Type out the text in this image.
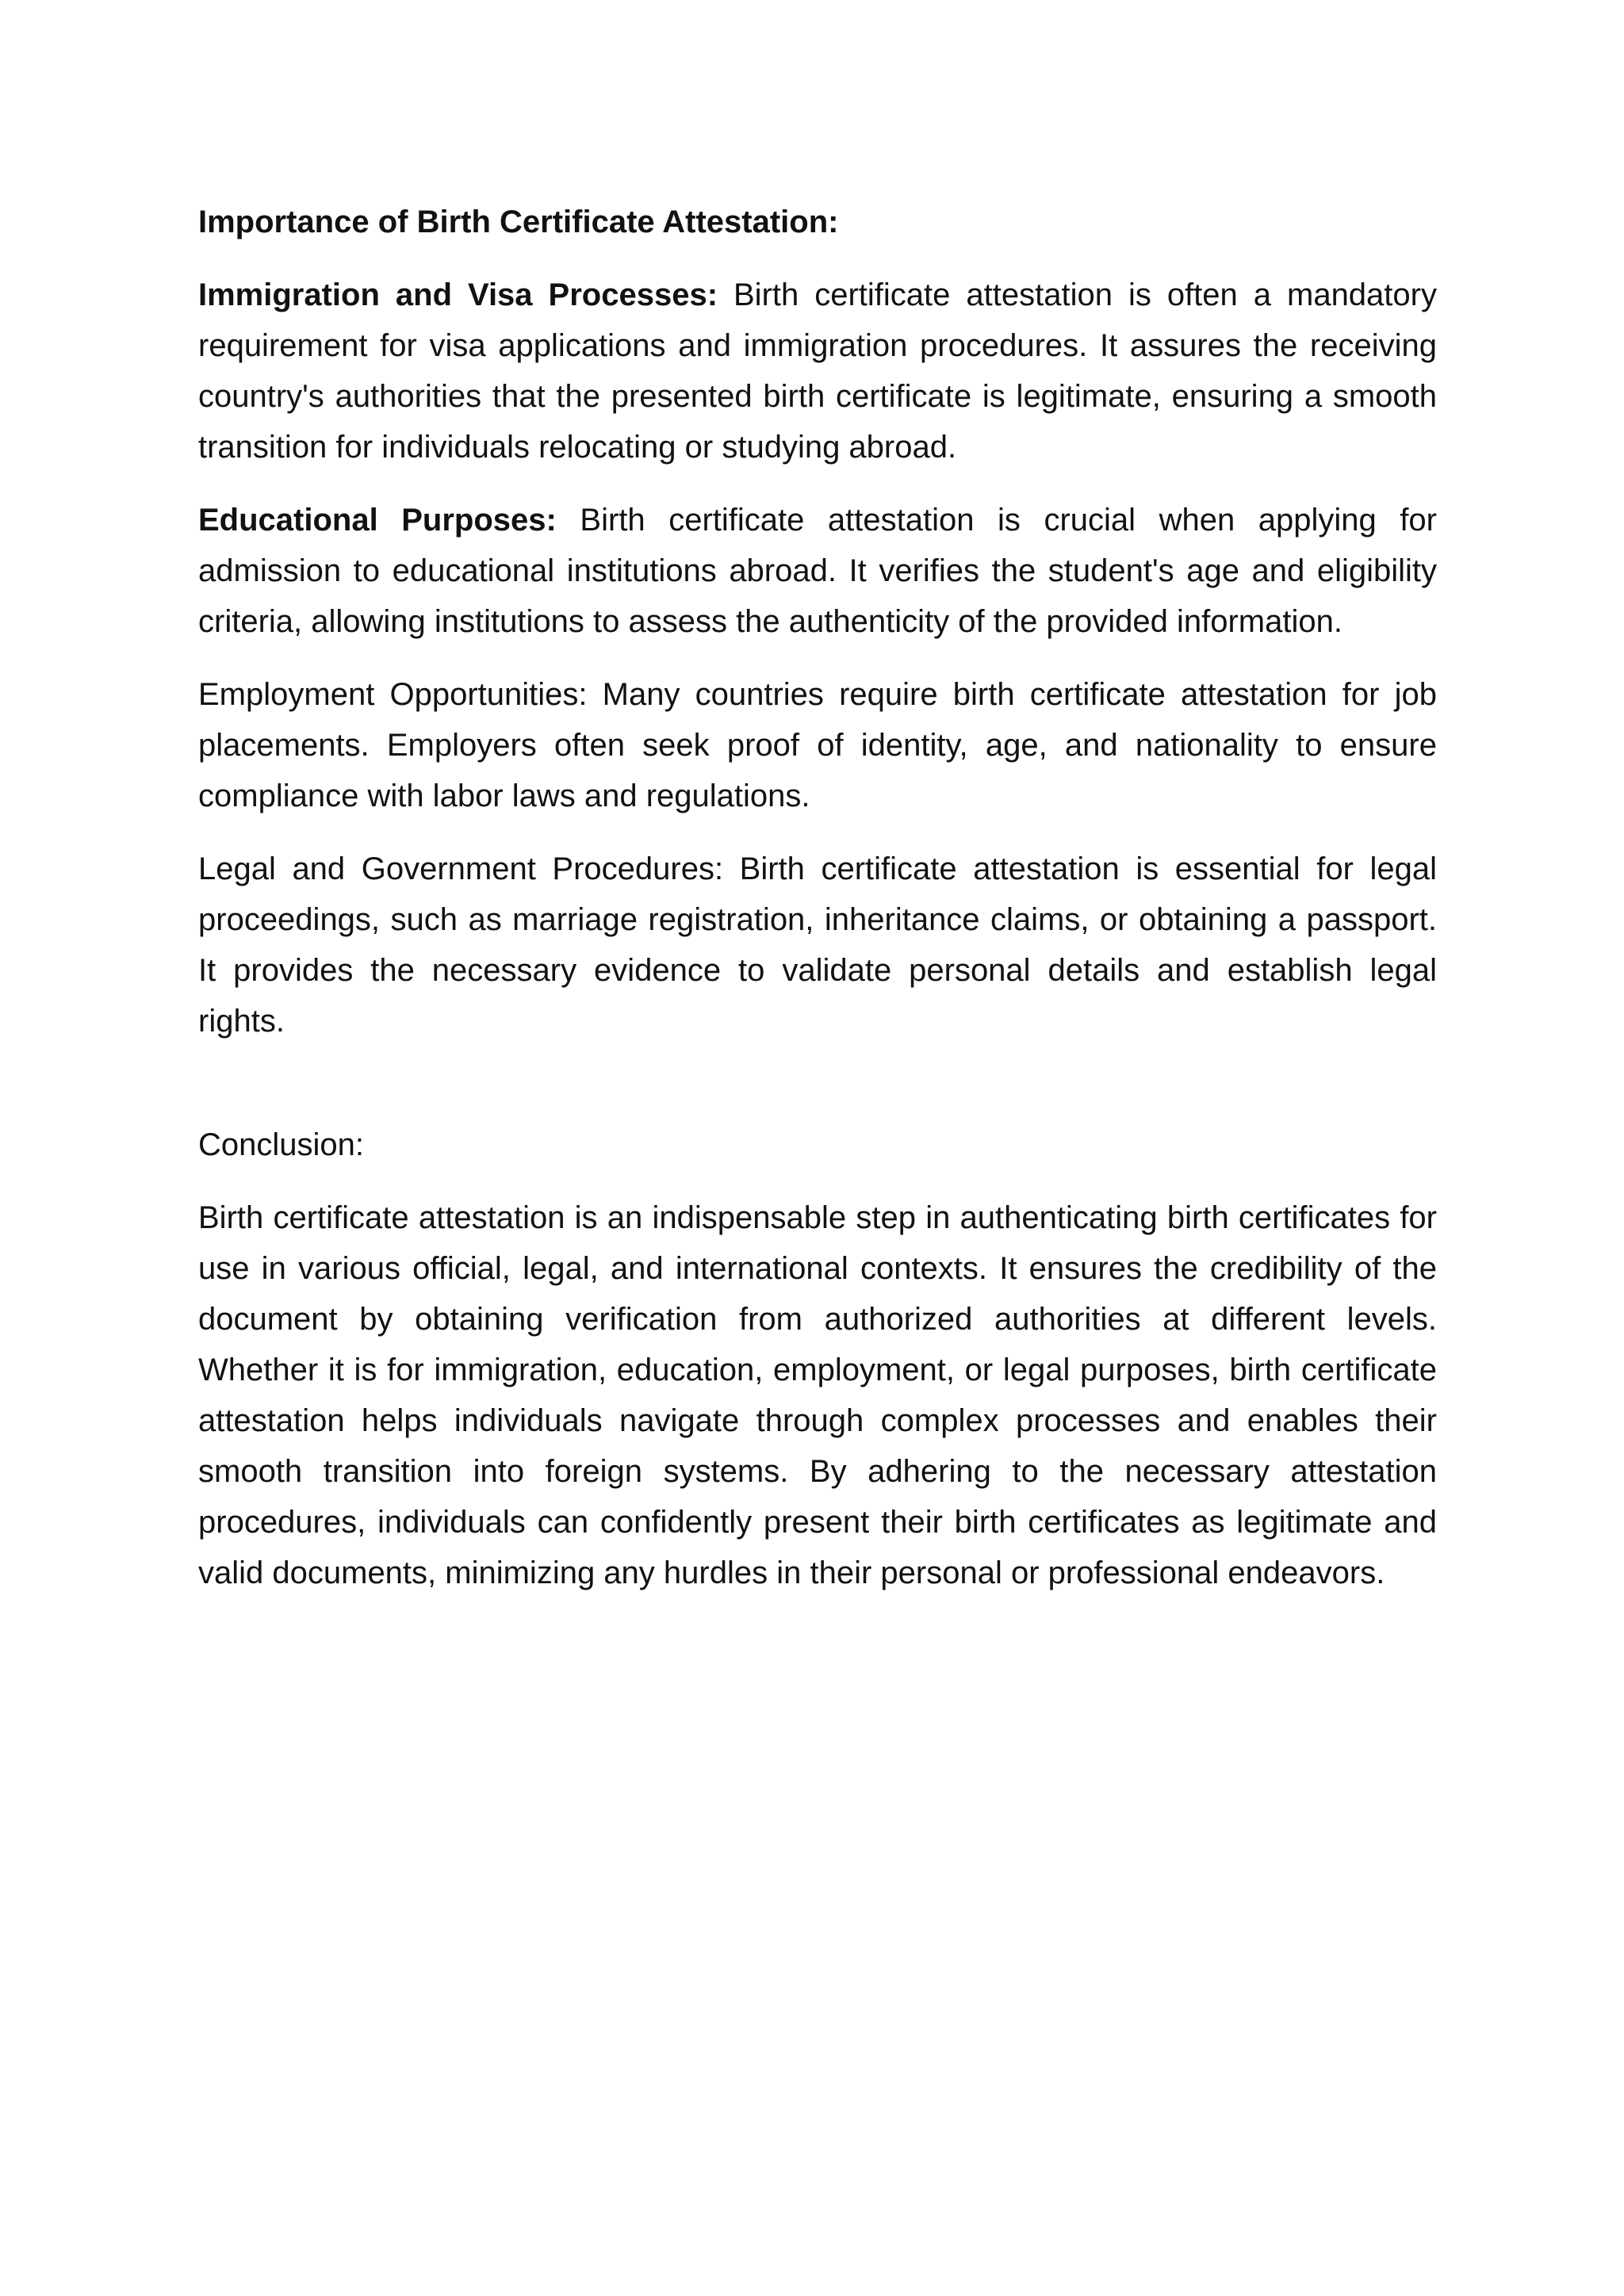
Importance of Birth Certificate Attestation:

Immigration and Visa Processes: Birth certificate attestation is often a mandatory requirement for visa applications and immigration procedures. It assures the receiving country's authorities that the presented birth certificate is legitimate, ensuring a smooth transition for individuals relocating or studying abroad.

Educational Purposes: Birth certificate attestation is crucial when applying for admission to educational institutions abroad. It verifies the student's age and eligibility criteria, allowing institutions to assess the authenticity of the provided information.

Employment Opportunities: Many countries require birth certificate attestation for job placements. Employers often seek proof of identity, age, and nationality to ensure compliance with labor laws and regulations.

Legal and Government Procedures: Birth certificate attestation is essential for legal proceedings, such as marriage registration, inheritance claims, or obtaining a passport. It provides the necessary evidence to validate personal details and establish legal rights.

Conclusion:

Birth certificate attestation is an indispensable step in authenticating birth certificates for use in various official, legal, and international contexts. It ensures the credibility of the document by obtaining verification from authorized authorities at different levels. Whether it is for immigration, education, employment, or legal purposes, birth certificate attestation helps individuals navigate through complex processes and enables their smooth transition into foreign systems. By adhering to the necessary attestation procedures, individuals can confidently present their birth certificates as legitimate and valid documents, minimizing any hurdles in their personal or professional endeavors.
